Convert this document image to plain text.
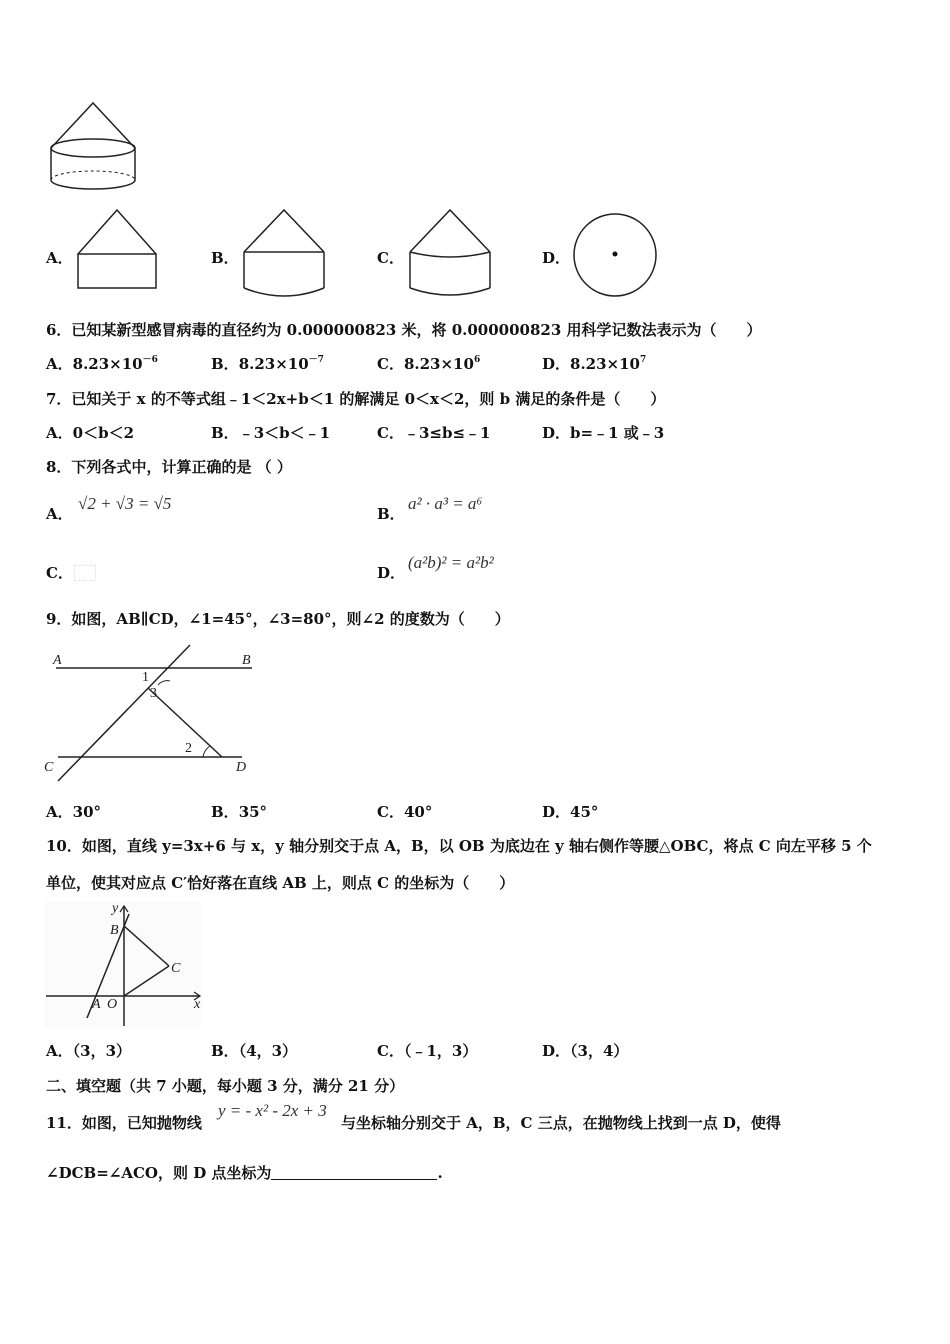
A．	B．	C．	D．
6．已知某新型感冒病毒的直径约为 0.000000823 米，将 0.000000823 用科学记数法表示为（　　）
A．$8.23\times 10^{-6}$	B．$8.23\times 10^{-7}$	C．$8.23\times 10^6$	D．$8.23\times 10^7$
7．已知关于 x 的不等式组﹣1＜2x+b＜1 的解满足 0＜x＜2，则 b 满足的条件是（　　）
A．0＜b＜2	B．﹣3＜b＜﹣1	C．﹣3≤b≤﹣1	D．b=﹣1 或﹣3
8．下列各式中，计算正确的是 （ ）
A．
√2 + √3 = √5
B．
a² · a³ = a⁶
C．	D．
(a²b)² = a²b²
9．如图，AB∥CD，∠1=45°，∠3=80°，则∠2 的度数为（　　）
A	B
C	D
1
3
2
A．30°	B．35°	C．40°	D．45°
10．如图，直线 y=3x+6 与 x，y 轴分别交于点 A，B，以 OB 为底边在 y 轴右侧作等腰△OBC，将点 C 向左平移 5 个
单位，使其对应点 C′恰好落在直线 AB 上，则点 C 的坐标为（　　）
y
x
B
C
A O
A．（3，3）	B．（4，3）	C．（﹣1，3）	D．（3，4）
二、填空题（共 7 小题，每小题 3 分，满分 21 分）
11．如图，已知抛物线
y = - x² - 2x + 3
与坐标轴分别交于 A，B，C 三点，在抛物线上找到一点 D，使得
∠DCB=∠ACO，则 D 点坐标为	.
